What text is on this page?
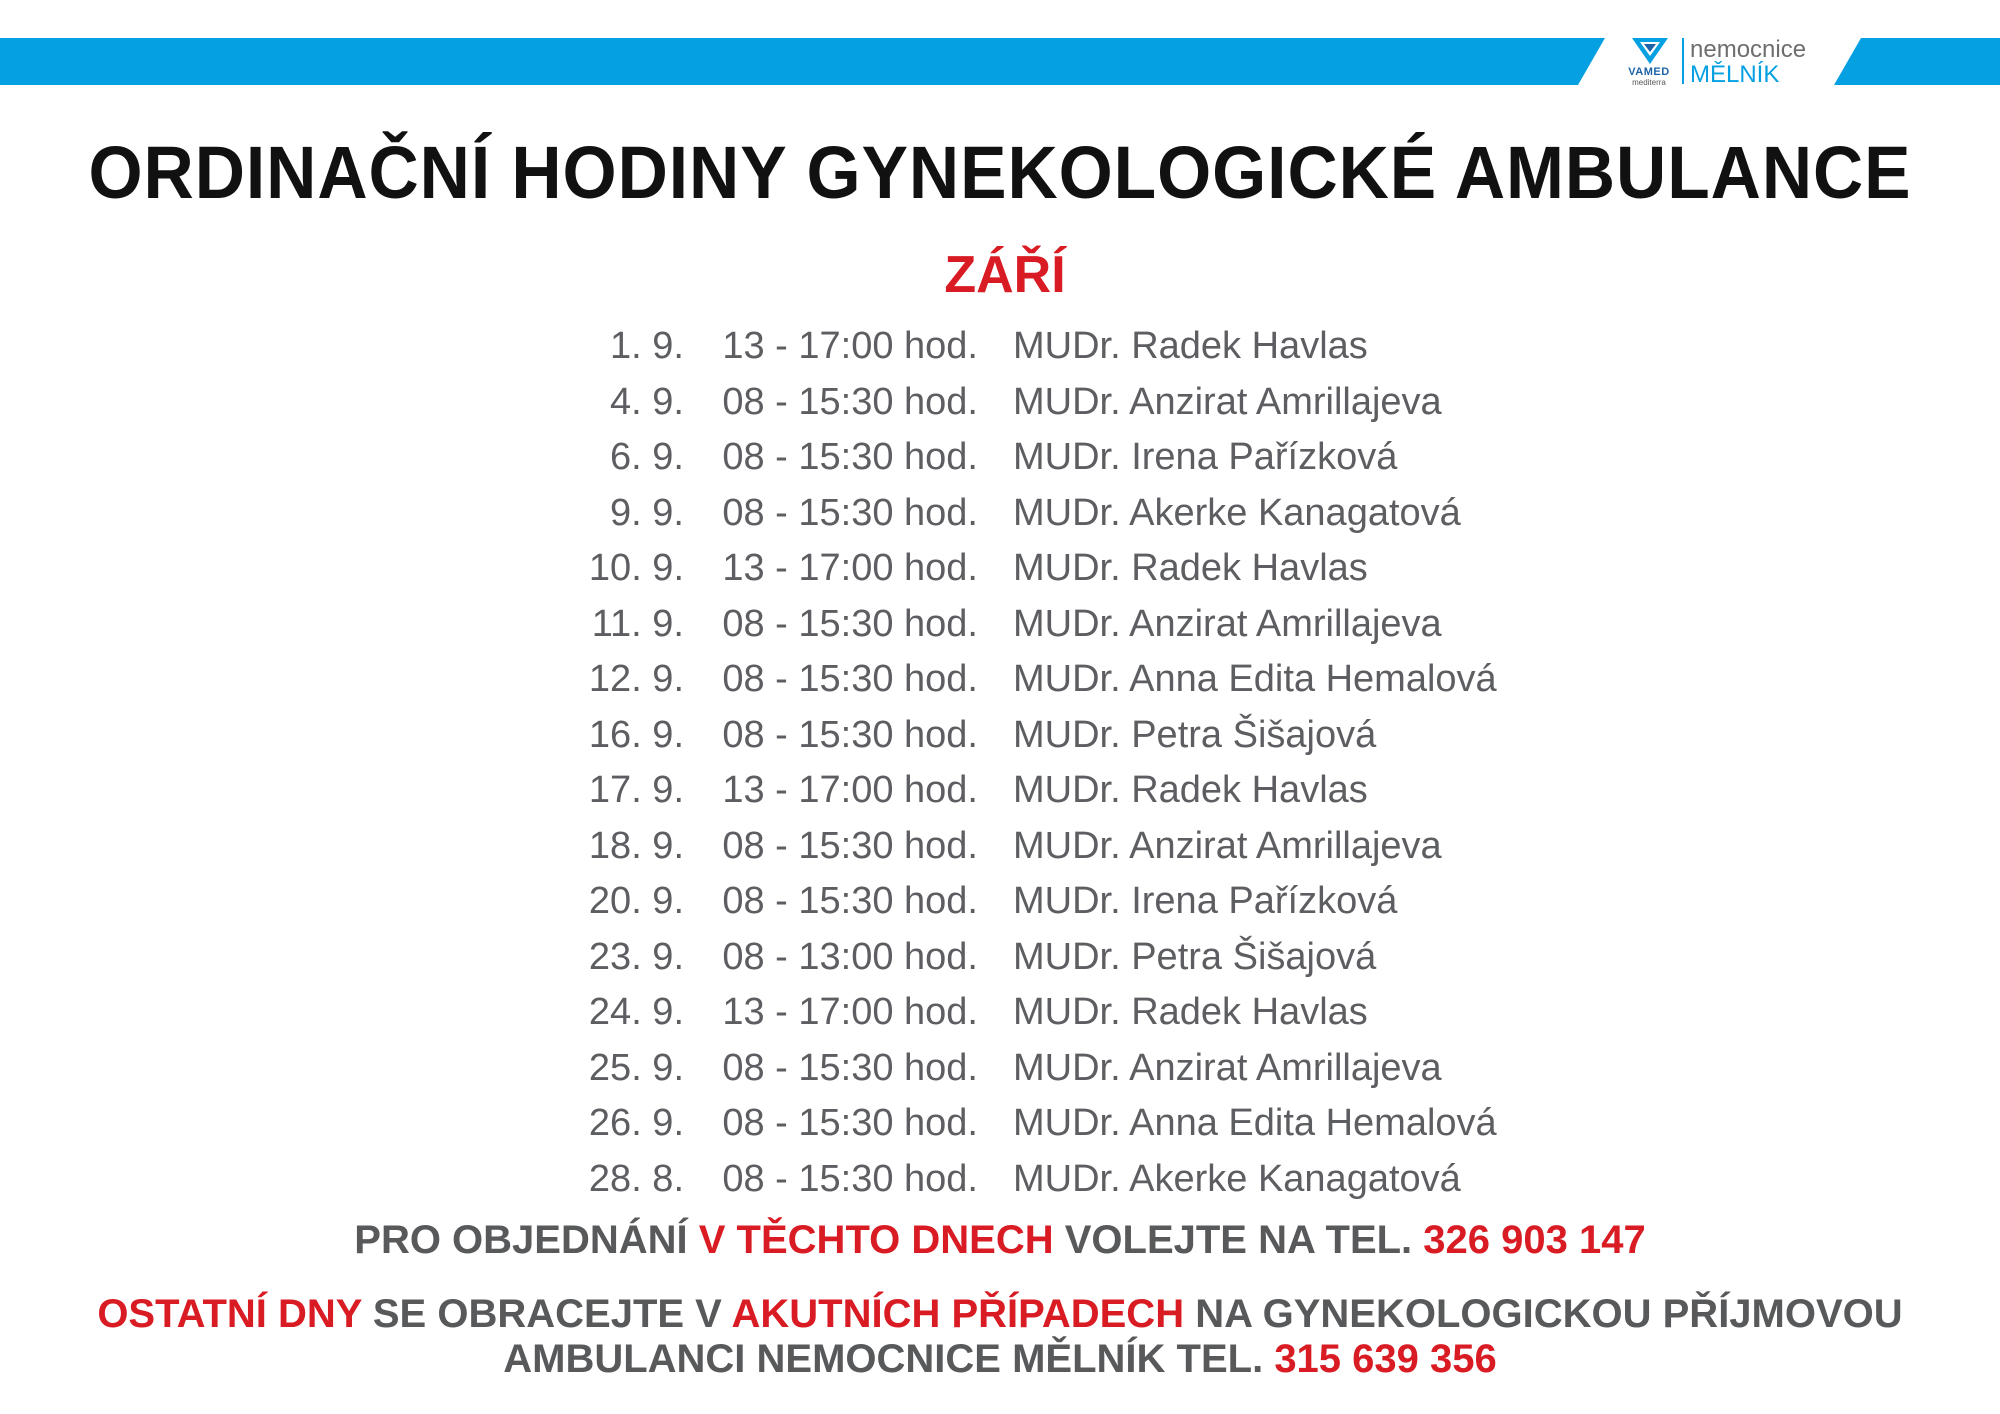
VAMED
mediterra
nemocnice
MĚLNÍK
ORDINAČNÍ HODINY GYNEKOLOGICKÉ AMBULANCE
ZÁŘÍ
1. 9. 13 - 17:00 hod. MUDr. Radek Havlas
4. 9. 08 - 15:30 hod. MUDr. Anzirat Amrillajeva
6. 9. 08 - 15:30 hod. MUDr. Irena Pařízková
9. 9. 08 - 15:30 hod. MUDr. Akerke Kanagatová
10. 9. 13 - 17:00 hod. MUDr. Radek Havlas
11. 9. 08 - 15:30 hod. MUDr. Anzirat Amrillajeva
12. 9. 08 - 15:30 hod. MUDr. Anna Edita Hemalová
16. 9. 08 - 15:30 hod. MUDr. Petra Šišajová
17. 9. 13 - 17:00 hod. MUDr. Radek Havlas
18. 9. 08 - 15:30 hod. MUDr. Anzirat Amrillajeva
20. 9. 08 - 15:30 hod. MUDr. Irena Pařízková
23. 9. 08 - 13:00 hod. MUDr. Petra Šišajová
24. 9. 13 - 17:00 hod. MUDr. Radek Havlas
25. 9. 08 - 15:30 hod. MUDr. Anzirat Amrillajeva
26. 9. 08 - 15:30 hod. MUDr. Anna Edita Hemalová
28. 8. 08 - 15:30 hod. MUDr. Akerke Kanagatová
PRO OBJEDNÁNÍ V TĚCHTO DNECH VOLEJTE NA TEL. 326 903 147
OSTATNÍ DNY SE OBRACEJTE V AKUTNÍCH PŘÍPADECH NA GYNEKOLOGICKOU PŘÍJMOVOU
AMBULANCI NEMOCNICE MĚLNÍK TEL. 315 639 356
